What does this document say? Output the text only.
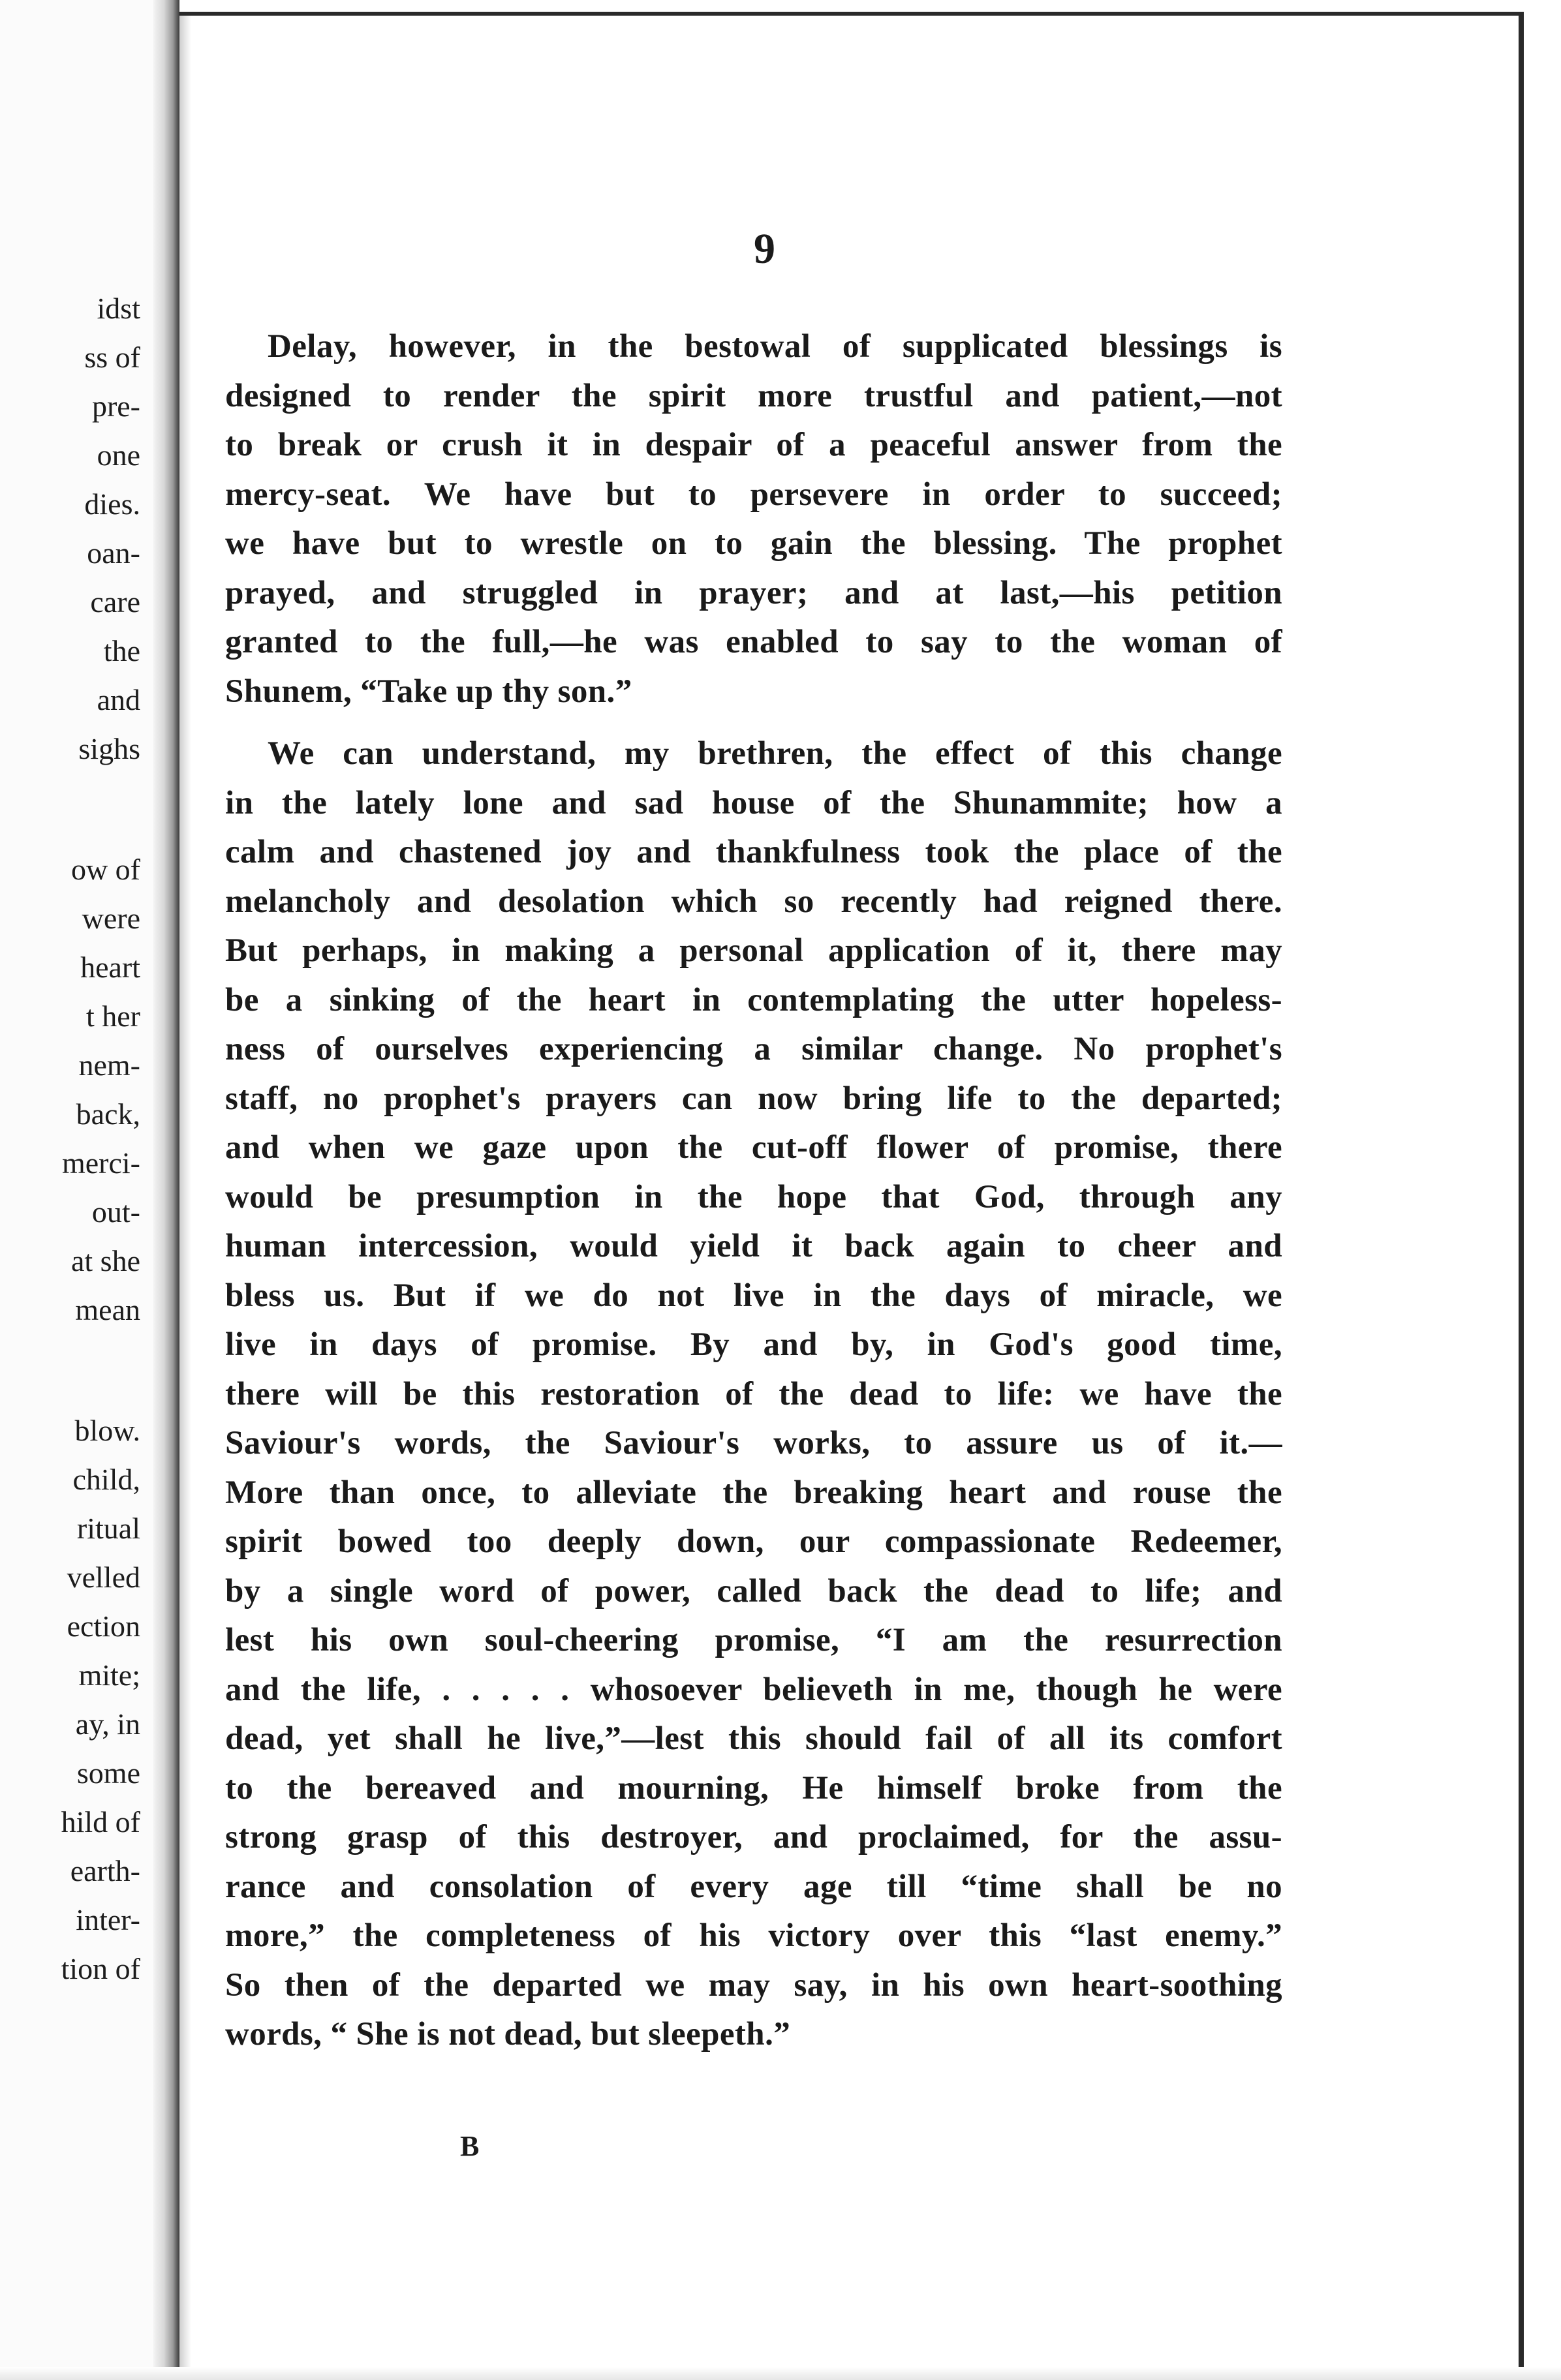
idst
ss of
pre-
one
dies.
oan-
care
the
and
sighs
ow of
were
heart
t her
nem-
back,
merci-
out-
at she
mean
blow.
child,
ritual
velled
ection
mite;
ay, in
some
hild of
earth-
inter-
tion of
9
Delay, however, in the bestowal of supplicated blessings is
designed to render the spirit more trustful and patient,—not
to break or crush it in despair of a peaceful answer from the
mercy-seat. We have but to persevere in order to succeed;
we have but to wrestle on to gain the blessing. The prophet
prayed, and struggled in prayer; and at last,—his petition
granted to the full,—he was enabled to say to the woman of
Shunem, “Take up thy son.”
We can understand, my brethren, the effect of this change
in the lately lone and sad house of the Shunammite; how a
calm and chastened joy and thankfulness took the place of the
melancholy and desolation which so recently had reigned there.
But perhaps, in making a personal application of it, there may
be a sinking of the heart in contemplating the utter hopeless-
ness of ourselves experiencing a similar change. No prophet's
staff, no prophet's prayers can now bring life to the departed;
and when we gaze upon the cut-off flower of promise, there
would be presumption in the hope that God, through any
human intercession, would yield it back again to cheer and
bless us. But if we do not live in the days of miracle, we
live in days of promise. By and by, in God's good time,
there will be this restoration of the dead to life: we have the
Saviour's words, the Saviour's works, to assure us of it.—
More than once, to alleviate the breaking heart and rouse the
spirit bowed too deeply down, our compassionate Redeemer,
by a single word of power, called back the dead to life; and
lest his own soul-cheering promise, “I am the resurrection
and the life, . . . . . whosoever believeth in me, though he were
dead, yet shall he live,”—lest this should fail of all its comfort
to the bereaved and mourning, He himself broke from the
strong grasp of this destroyer, and proclaimed, for the assu-
rance and consolation of every age till “time shall be no
more,” the completeness of his victory over this “last enemy.”
So then of the departed we may say, in his own heart-soothing
words, “ She is not dead, but sleepeth.”
B
